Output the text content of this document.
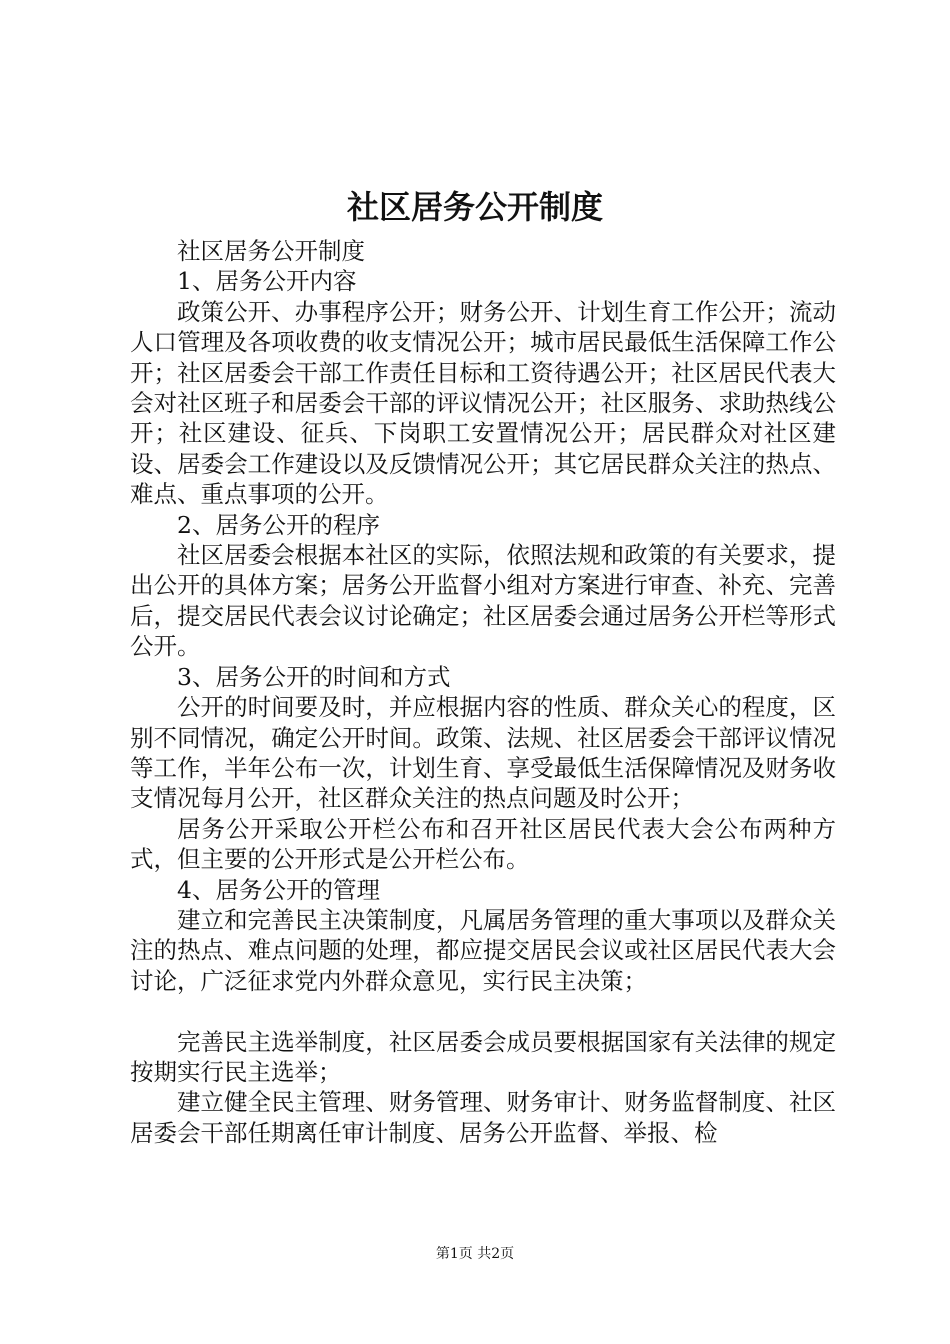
社区居务公开制度

社区居务公开制度

1、居务公开内容

政策公开、办事程序公开；财务公开、计划生育工作公开；流动人口管理及各项收费的收支情况公开；城市居民最低生活保障工作公开；社区居委会干部工作责任目标和工资待遇公开；社区居民代表大会对社区班子和居委会干部的评议情况公开；社区服务、求助热线公开；社区建设、征兵、下岗职工安置情况公开；居民群众对社区建设、居委会工作建设以及反馈情况公开；其它居民群众关注的热点、难点、重点事项的公开。

2、居务公开的程序

社区居委会根据本社区的实际，依照法规和政策的有关要求，提出公开的具体方案；居务公开监督小组对方案进行审查、补充、完善后，提交居民代表会议讨论确定；社区居委会通过居务公开栏等形式公开。

3、居务公开的时间和方式

公开的时间要及时，并应根据内容的性质、群众关心的程度，区别不同情况，确定公开时间。政策、法规、社区居委会干部评议情况等工作，半年公布一次，计划生育、享受最低生活保障情况及财务收支情况每月公开，社区群众关注的热点问题及时公开；

居务公开采取公开栏公布和召开社区居民代表大会公布两种方式，但主要的公开形式是公开栏公布。

4、居务公开的管理

建立和完善民主决策制度，凡属居务管理的重大事项以及群众关注的热点、难点问题的处理，都应提交居民会议或社区居民代表大会讨论，广泛征求党内外群众意见，实行民主决策；

完善民主选举制度，社区居委会成员要根据国家有关法律的规定按期实行民主选举；

建立健全民主管理、财务管理、财务审计、财务监督制度、社区居委会干部任期离任审计制度、居务公开监督、举报、检

第1页 共2页
